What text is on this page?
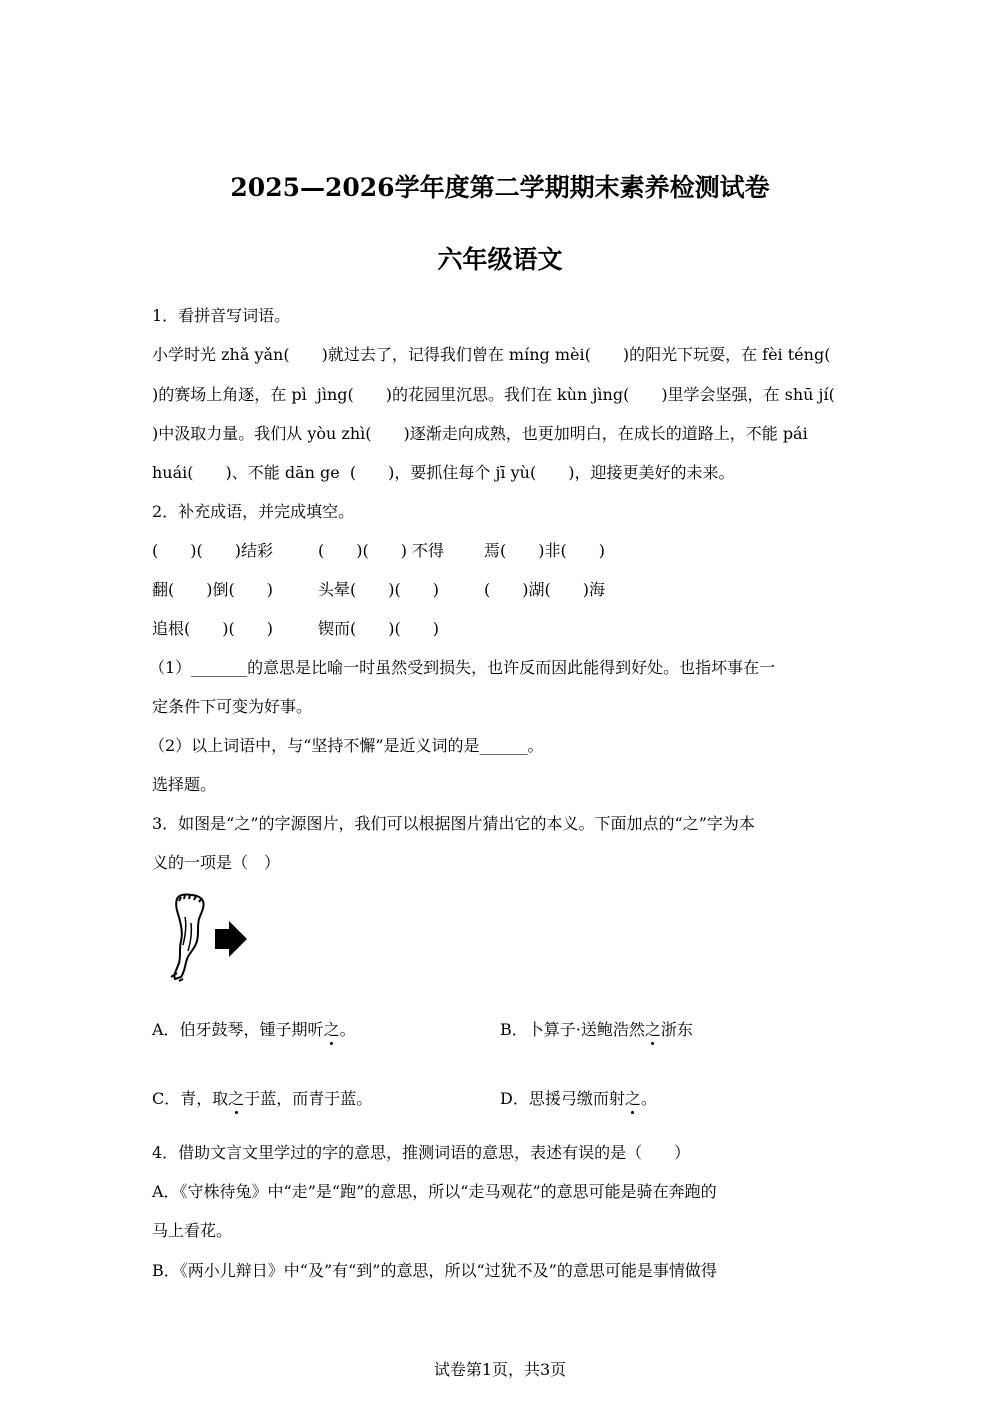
2025—2026学年度第二学期期末素养检测试卷
六年级语文
1．看拼音写词语。
小学时光 zhǎ yǎn(　　)就过去了，记得我们曾在 míng mèi(　　)的阳光下玩耍，在 fèi téng(
)的赛场上角逐，在 pì  jìng(　　)的花园里沉思。我们在 kùn jìng(　　)里学会坚强，在 shū jí(
)中汲取力量。我们从 yòu zhì(　　)逐渐走向成熟，也更加明白，在成长的道路上，不能 pái
huái(　　)、不能 dān ge  (　　)，要抓住每个 jī yù(　　)，迎接更美好的未来。
2．补充成语，并完成填空。
(　　)(　　)结彩	(　　)(　　) 不得 焉(　　)非(　　)
翻(　　)倒(　　)	头晕(　　)(　　)	(　　)湖(　　)海
追根(　　)(　　)	锲而(　　)(　　)
（1）_______的意思是比喻一时虽然受到损失，也许反而因此能得到好处。也指坏事在一
定条件下可变为好事。
（2）以上词语中，与“坚持不懈”是近义词的是______。
选择题。
3．如图是“之”的字源图片，我们可以根据图片猜出它的本义。下面加点的“之”字为本
义的一项是（　）
A．伯牙鼓琴，锺子期听之。	B．卜算子·送鲍浩然之浙东
C．青，取之于蓝，而青于蓝。	D．思援弓缴而射之。
4．借助文言文里学过的字的意思，推测词语的意思，表述有误的是（　　）
A．《守株待兔》中“走”是“跑”的意思，所以“走马观花”的意思可能是骑在奔跑的
马上看花。
B．《两小儿辩日》中“及”有“到”的意思，所以“过犹不及”的意思可能是事情做得
试卷第1页，共3页
